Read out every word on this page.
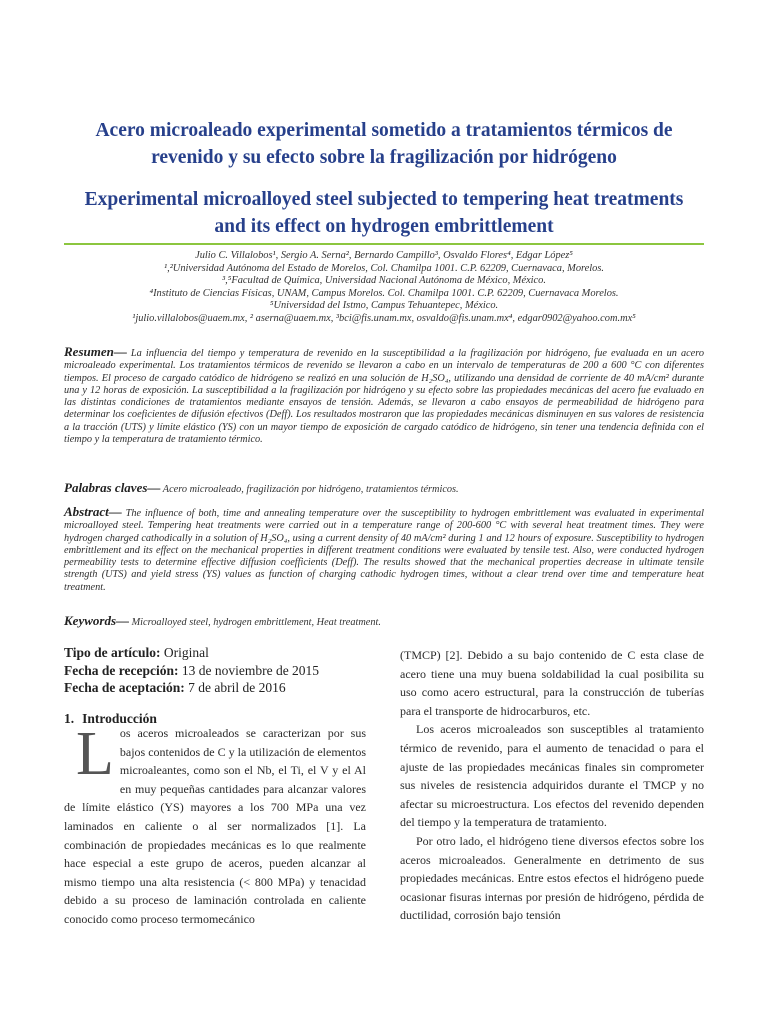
Acero microaleado experimental sometido a tratamientos térmicos de
revenido y su efecto sobre la fragilización por hidrógeno
Experimental microalloyed steel subjected to tempering heat treatments
and its effect on hydrogen embrittlement
Julio C. Villalobos¹, Sergio A. Serna², Bernardo Campillo³, Osvaldo Flores⁴, Edgar López⁵
¹,²Universidad Autónoma del Estado de Morelos, Col. Chamilpa 1001. C.P. 62209, Cuernavaca, Morelos.
³,⁵Facultad de Química, Universidad Nacional Autónoma de México, México.
⁴Instituto de Ciencias Físicas, UNAM, Campus Morelos. Col. Chamilpa 1001. C.P. 62209, Cuernavaca Morelos.
⁵Universidad del Istmo, Campus Tehuantepec, México.
¹julio.villalobos@uaem.mx, ² aserna@uaem.mx, ³bci@fis.unam.mx, osvaldo@fis.unam.mx⁴, edgar0902@yahoo.com.mx⁵
Resumen— La influencia del tiempo y temperatura de revenido en la susceptibilidad a la fragilización por hidrógeno, fue evaluada en un acero microaleado experimental. Los tratamientos térmicos de revenido se llevaron a cabo en un intervalo de temperaturas de 200 a 600 °C con diferentes tiempos. El proceso de cargado catódico de hidrógeno se realizó en una solución de H₂SO₄, utilizando una densidad de corriente de 40 mA/cm² durante una y 12 horas de exposición. La susceptibilidad a la fragilización por hidrógeno y su efecto sobre las propiedades mecánicas del acero fue evaluado en las distintas condiciones de tratamientos mediante ensayos de tensión. Además, se llevaron a cabo ensayos de permeabilidad de hidrógeno para determinar los coeficientes de difusión efectivos (Deff). Los resultados mostraron que las propiedades mecánicas disminuyen en sus valores de resistencia a la tracción (UTS) y límite elástico (YS) con un mayor tiempo de exposición de cargado catódico de hidrógeno, sin tener una tendencia definida con el tiempo y la temperatura de tratamiento térmico.
Palabras claves— Acero microaleado, fragilización por hidrógeno, tratamientos térmicos.
Abstract— The influence of both, time and annealing temperature over the susceptibility to hydrogen embrittlement was evaluated in experimental microalloyed steel. Tempering heat treatments were carried out in a temperature range of 200-600 °C with several heat treatment times. They were hydrogen charged cathodically in a solution of H₂SO₄, using a current density of 40 mA/cm² during 1 and 12 hours of exposure. Susceptibility to hydrogen embrittlement and its effect on the mechanical properties in different treatment conditions were evaluated by tensile test. Also, were conducted hydrogen permeability tests to determine effective diffusion coefficients (Deff). The results showed that the mechanical properties decrease in ultimate tensile strength (UTS) and yield stress (YS) values as function of charging cathodic hydrogen times, without a clear trend over time and temperature heat treatment.
Keywords— Microalloyed steel, hydrogen embrittlement, Heat treatment.
Tipo de artículo: Original
Fecha de recepción: 13 de noviembre de 2015
Fecha de aceptación: 7 de abril de 2016
1. Introducción

Los aceros microaleados se caracterizan por sus bajos contenidos de C y la utilización de elementos microaleantes, como son el Nb, el Ti, el V y el Al en muy pequeñas cantidades para alcanzar valores de límite elástico (YS) mayores a los 700 MPa una vez laminados en caliente o al ser normalizados [1]. La combinación de propiedades mecánicas es lo que realmente hace especial a este grupo de aceros, pueden alcanzar al mismo tiempo una alta resistencia (< 800 MPa) y tenacidad debido a su proceso de laminación controlada en caliente conocido como proceso termomecánico

(TMCP) [2]. Debido a su bajo contenido de C esta clase de acero tiene una muy buena soldabilidad la cual posibilita su uso como acero estructural, para la construcción de tuberías para el transporte de hidrocarburos, etc.

Los aceros microaleados son susceptibles al tratamiento térmico de revenido, para el aumento de tenacidad o para el ajuste de las propiedades mecánicas finales sin comprometer sus niveles de resistencia adquiridos durante el TMCP y no afectar su microestructura. Los efectos del revenido dependen del tiempo y la temperatura de tratamiento.

Por otro lado, el hidrógeno tiene diversos efectos sobre los aceros microaleados. Generalmente en detrimento de sus propiedades mecánicas. Entre estos efectos el hidrógeno puede ocasionar fisuras internas por presión de hidrógeno, pérdida de ductilidad, corrosión bajo tensión
